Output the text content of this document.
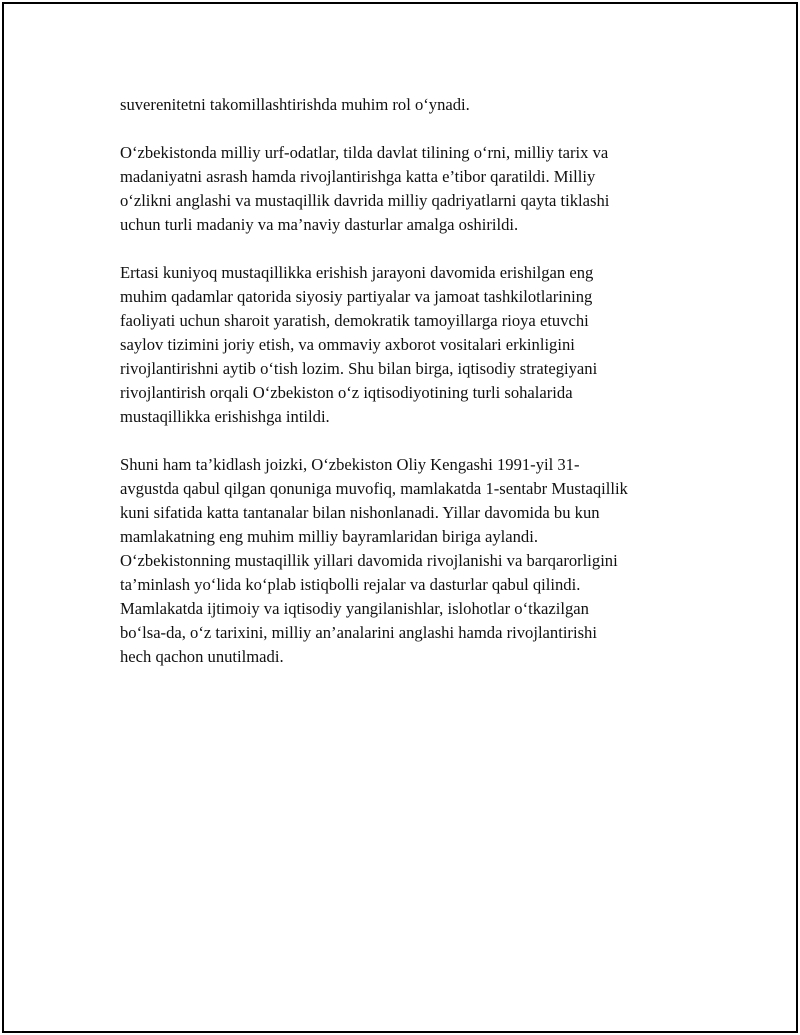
suverenitetni takomillashtirishda muhim rol o‘ynadi.

O‘zbekistonda milliy urf-odatlar, tilda davlat tilining o‘rni, milliy tarix va
madaniyatni asrash hamda rivojlantirishga katta e’tibor qaratildi. Milliy
o‘zlikni anglashi va mustaqillik davrida milliy qadriyatlarni qayta tiklashi
uchun turli madaniy va ma’naviy dasturlar amalga oshirildi.

Ertasi kuniyoq mustaqillikka erishish jarayoni davomida erishilgan eng
muhim qadamlar qatorida siyosiy partiyalar va jamoat tashkilotlarining
faoliyati uchun sharoit yaratish, demokratik tamoyillarga rioya etuvchi
saylov tizimini joriy etish, va ommaviy axborot vositalari erkinligini
rivojlantirishni aytib o‘tish lozim. Shu bilan birga, iqtisodiy strategiyani
rivojlantirish orqali O‘zbekiston o‘z iqtisodiyotining turli sohalarida
mustaqillikka erishishga intildi.

Shuni ham ta’kidlash joizki, O‘zbekiston Oliy Kengashi 1991-yil 31-
avgustda qabul qilgan qonuniga muvofiq, mamlakatda 1-sentabr Mustaqillik
kuni sifatida katta tantanalar bilan nishonlanadi. Yillar davomida bu kun
mamlakatning eng muhim milliy bayramlaridan biriga aylandi.
O‘zbekistonning mustaqillik yillari davomida rivojlanishi va barqarorligini
ta’minlash yo‘lida ko‘plab istiqbolli rejalar va dasturlar qabul qilindi.
Mamlakatda ijtimoiy va iqtisodiy yangilanishlar, islohotlar o‘tkazilgan
bo‘lsa-da, o‘z tarixini, milliy an’analarini anglashi hamda rivojlantirishi
hech qachon unutilmadi.
